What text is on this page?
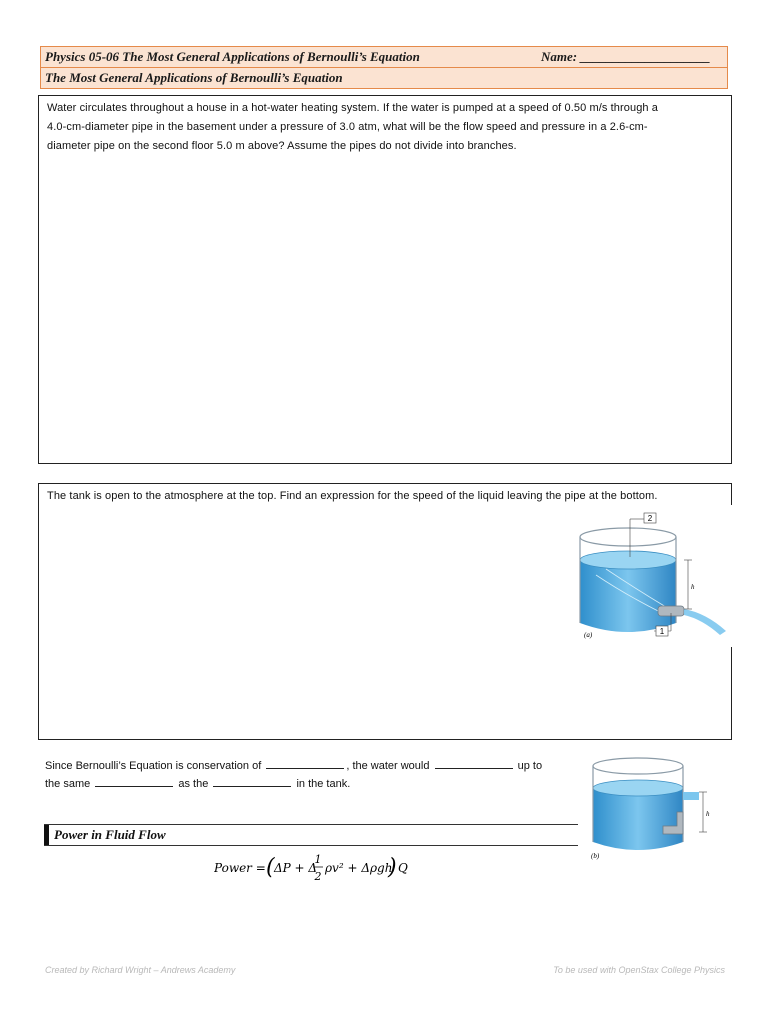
Physics 05-06 The Most General Applications of Bernoulli’s Equation	Name: ____________________
The Most General Applications of Bernoulli’s Equation
Water circulates throughout a house in a hot-water heating system. If the water is pumped at a speed of 0.50 m/s through a
4.0-cm-diameter pipe in the basement under a pressure of 3.0 atm, what will be the flow speed and pressure in a 2.6-cm-
diameter pipe on the second floor 5.0 m above? Assume the pipes do not divide into branches.
The tank is open to the atmosphere at the top. Find an expression for the speed of the liquid leaving the pipe at the bottom.
2
h
1
(a)
Since Bernoulli’s Equation is conservation of	, the water would	up to
the same	as the	in the tank.
h
(b)
Power in Fluid Flow
Power = ( ΔP + Δ
1
2
ρv² + Δρgh
) Q
Created by Richard Wright – Andrews Academy	To be used with OpenStax College Physics
